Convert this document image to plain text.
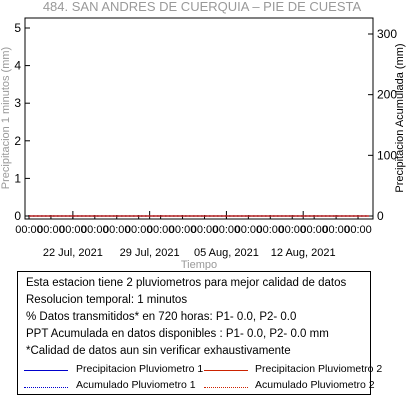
484. SAN ANDRES DE CUERQUIA – PIE DE CUESTA
0
1
2
3
4
5
0
100
200
300
00:00
00:00
00:00
00:00
00:00
00:00
00:00
00:00
00:00
00:00
00:00
00:00
00:00
00:00
00:00
00:00
22 Jul, 2021 29 Jul, 2021 05 Aug, 2021 12 Aug, 2021
Precipitacion 1 minutos (mm)	Precipitacion Acumulada (mm)
Tiempo
Esta estacion tiene 2 pluviometros para mejor calidad de datos
Resolucion temporal: 1 minutos
% Datos transmitidos* en 720 horas: P1- 0.0, P2- 0.0
PPT Acumulada en datos disponibles : P1- 0.0, P2- 0.0 mm
*Calidad de datos aun sin verificar exhaustivamente
Precipitacion Pluviometro 1	Precipitacion Pluviometro 2
Acumulado Pluviometro 1	Acumulado Pluviometro 2
